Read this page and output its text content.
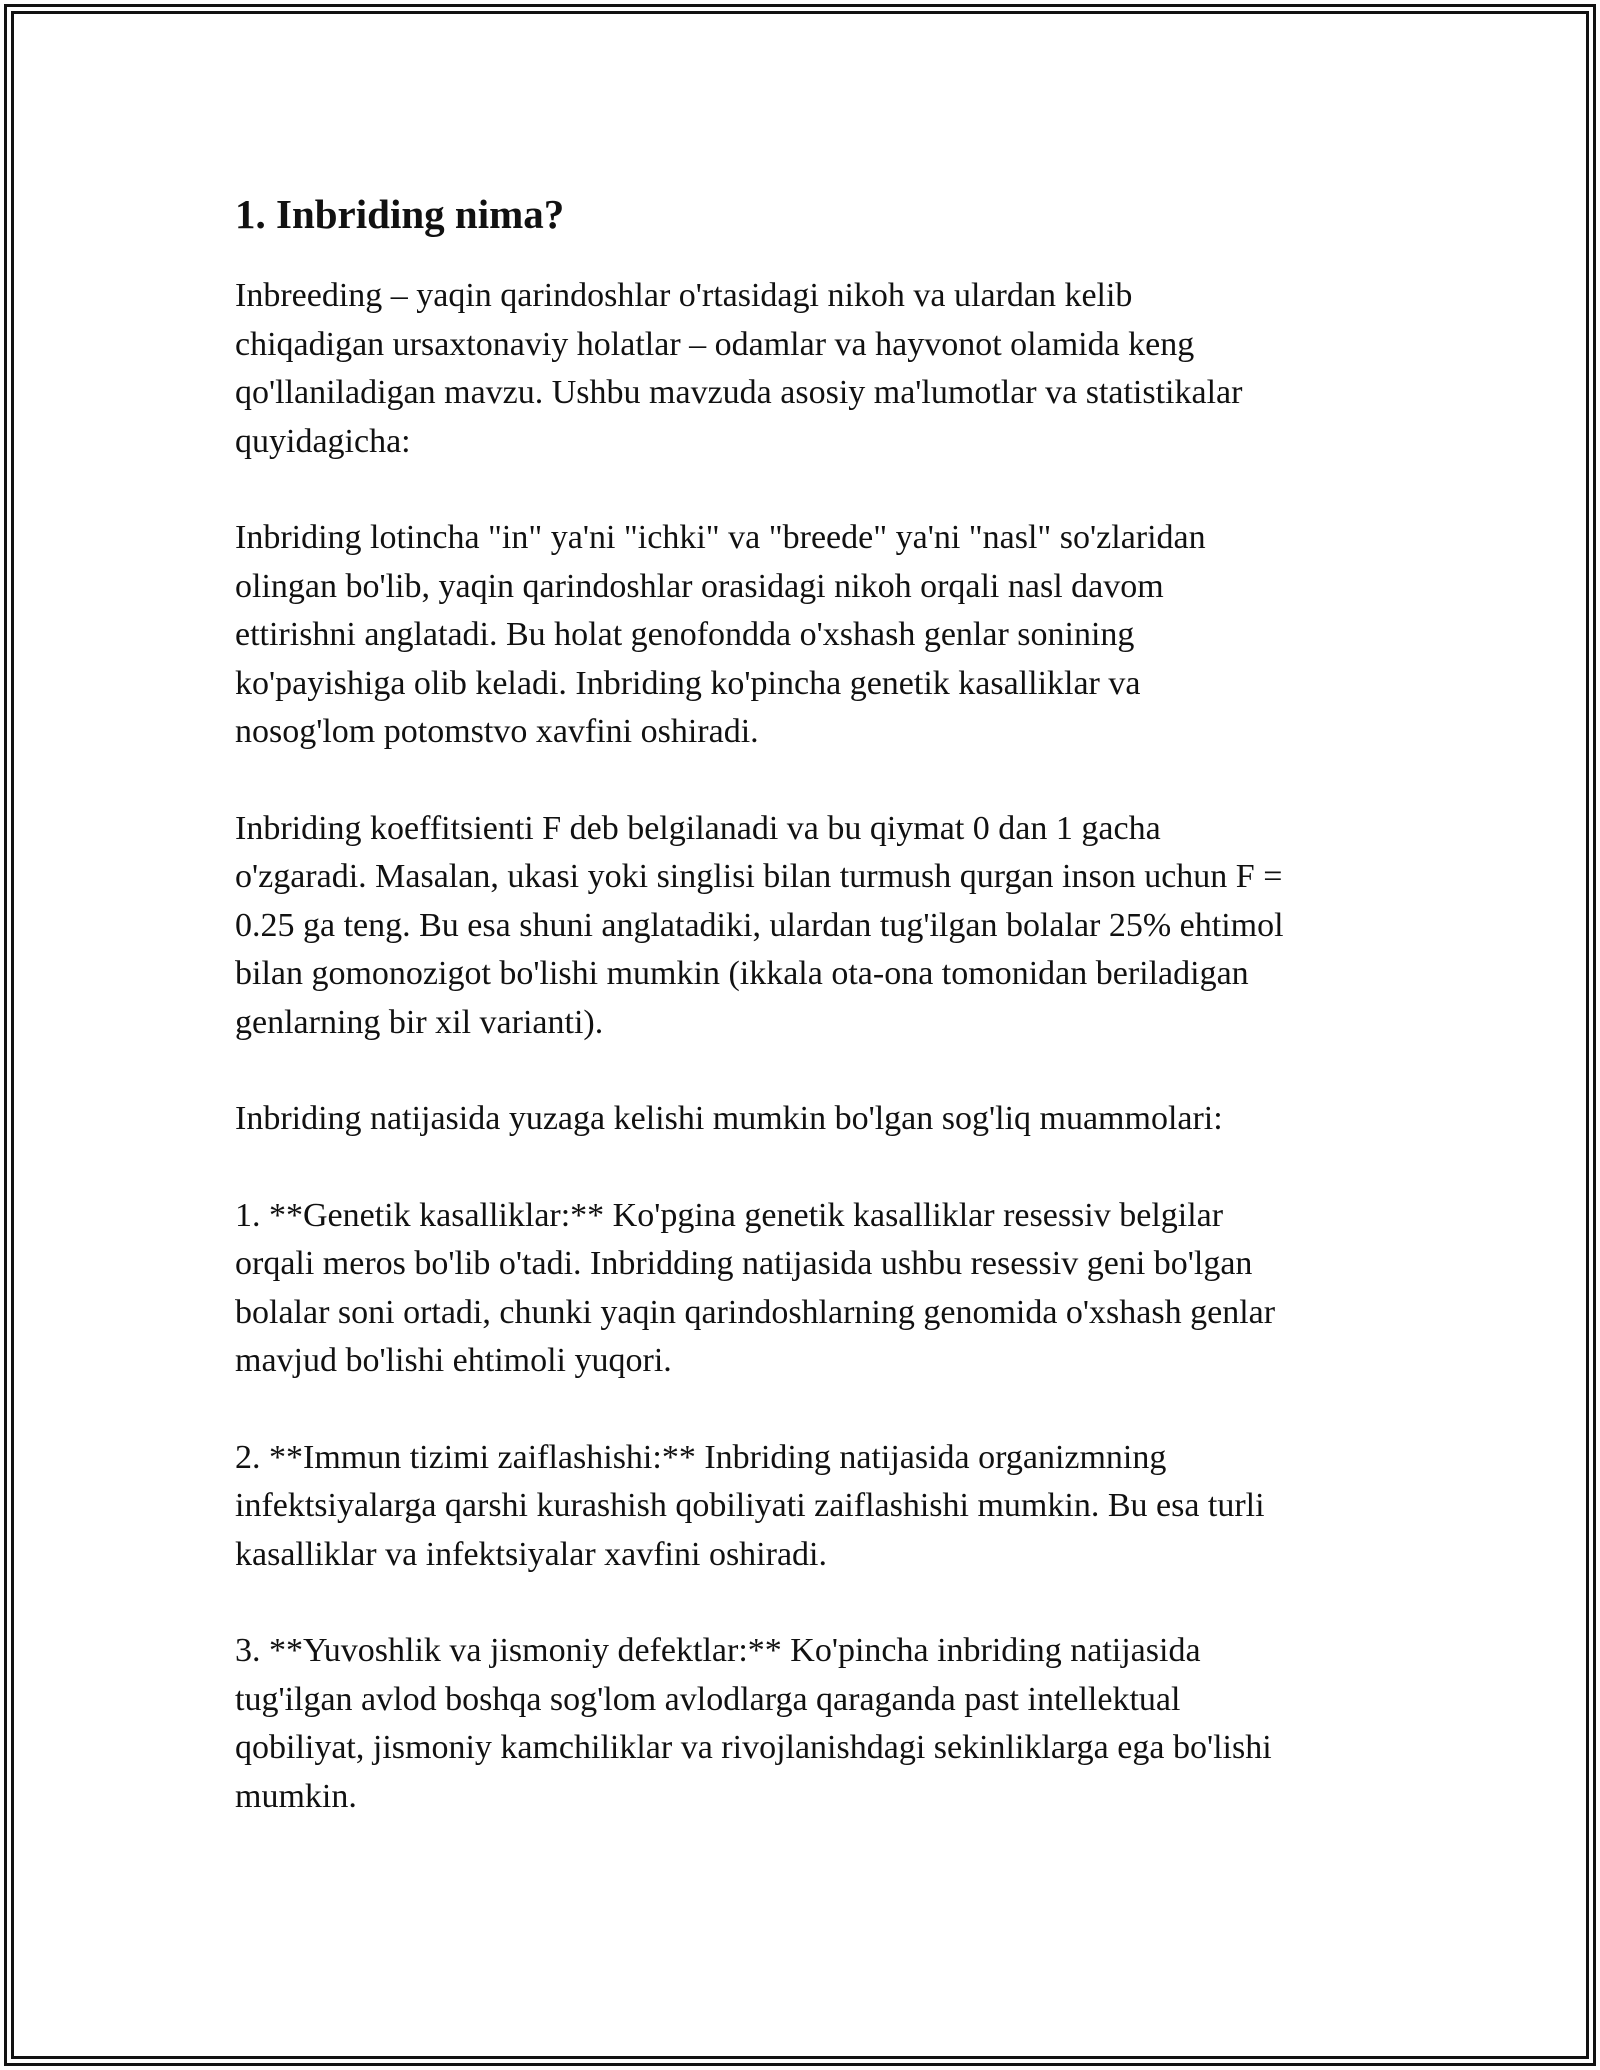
1. Inbriding nima?

Inbreeding – yaqin qarindoshlar o'rtasidagi nikoh va ulardan kelib
chiqadigan ursaxtonaviy holatlar – odamlar va hayvonot olamida keng
qo'llaniladigan mavzu. Ushbu mavzuda asosiy ma'lumotlar va statistikalar
quyidagicha:

Inbriding lotincha "in" ya'ni "ichki" va "breede" ya'ni "nasl" so'zlaridan
olingan bo'lib, yaqin qarindoshlar orasidagi nikoh orqali nasl davom
ettirishni anglatadi. Bu holat genofondda o'xshash genlar sonining
ko'payishiga olib keladi. Inbriding ko'pincha genetik kasalliklar va
nosog'lom potomstvo xavfini oshiradi.

Inbriding koeffitsienti F deb belgilanadi va bu qiymat 0 dan 1 gacha
o'zgaradi. Masalan, ukasi yoki singlisi bilan turmush qurgan inson uchun F =
0.25 ga teng. Bu esa shuni anglatadiki, ulardan tug'ilgan bolalar 25% ehtimol
bilan gomonozigot bo'lishi mumkin (ikkala ota-ona tomonidan beriladigan
genlarning bir xil varianti).

Inbriding natijasida yuzaga kelishi mumkin bo'lgan sog'liq muammolari:

1. **Genetik kasalliklar:** Ko'pgina genetik kasalliklar resessiv belgilar
orqali meros bo'lib o'tadi. Inbridding natijasida ushbu resessiv geni bo'lgan
bolalar soni ortadi, chunki yaqin qarindoshlarning genomida o'xshash genlar
mavjud bo'lishi ehtimoli yuqori.

2. **Immun tizimi zaiflashishi:** Inbriding natijasida organizmning
infektsiyalarga qarshi kurashish qobiliyati zaiflashishi mumkin. Bu esa turli
kasalliklar va infektsiyalar xavfini oshiradi.

3. **Yuvoshlik va jismoniy defektlar:** Ko'pincha inbriding natijasida
tug'ilgan avlod boshqa sog'lom avlodlarga qaraganda past intellektual
qobiliyat, jismoniy kamchiliklar va rivojlanishdagi sekinliklarga ega bo'lishi
mumkin.
